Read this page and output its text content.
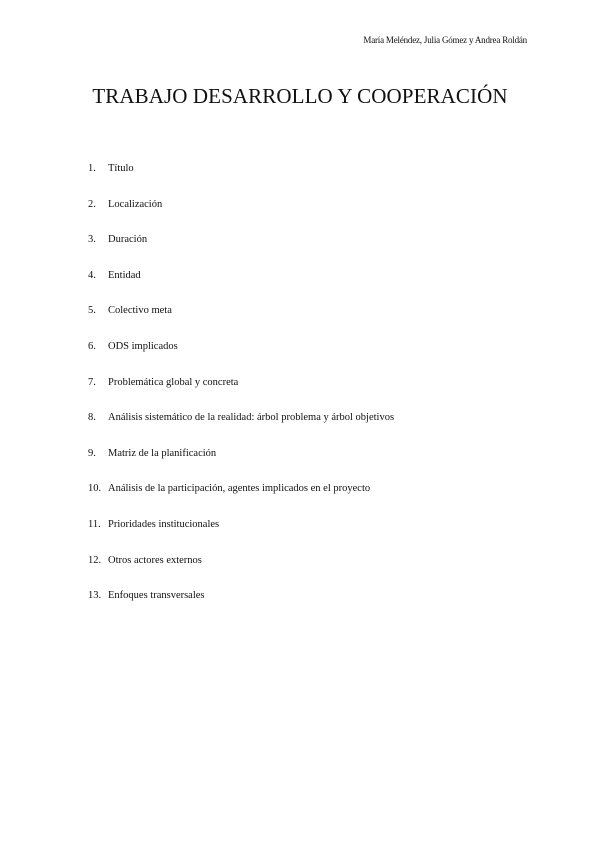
María Meléndez, Julia Gómez y Andrea Roldán
TRABAJO DESARROLLO Y COOPERACIÓN
1.	Título
2.	Localización
3.	Duración
4.	Entidad
5.	Colectivo meta
6.	ODS implicados
7.	Problemática global y concreta
8.	Análisis sistemático de la realidad: árbol problema y árbol objetivos
9.	Matriz de la planificación
10. Análisis de la participación, agentes implicados en el proyecto
11. Prioridades institucionales
12. Otros actores externos
13. Enfoques transversales
